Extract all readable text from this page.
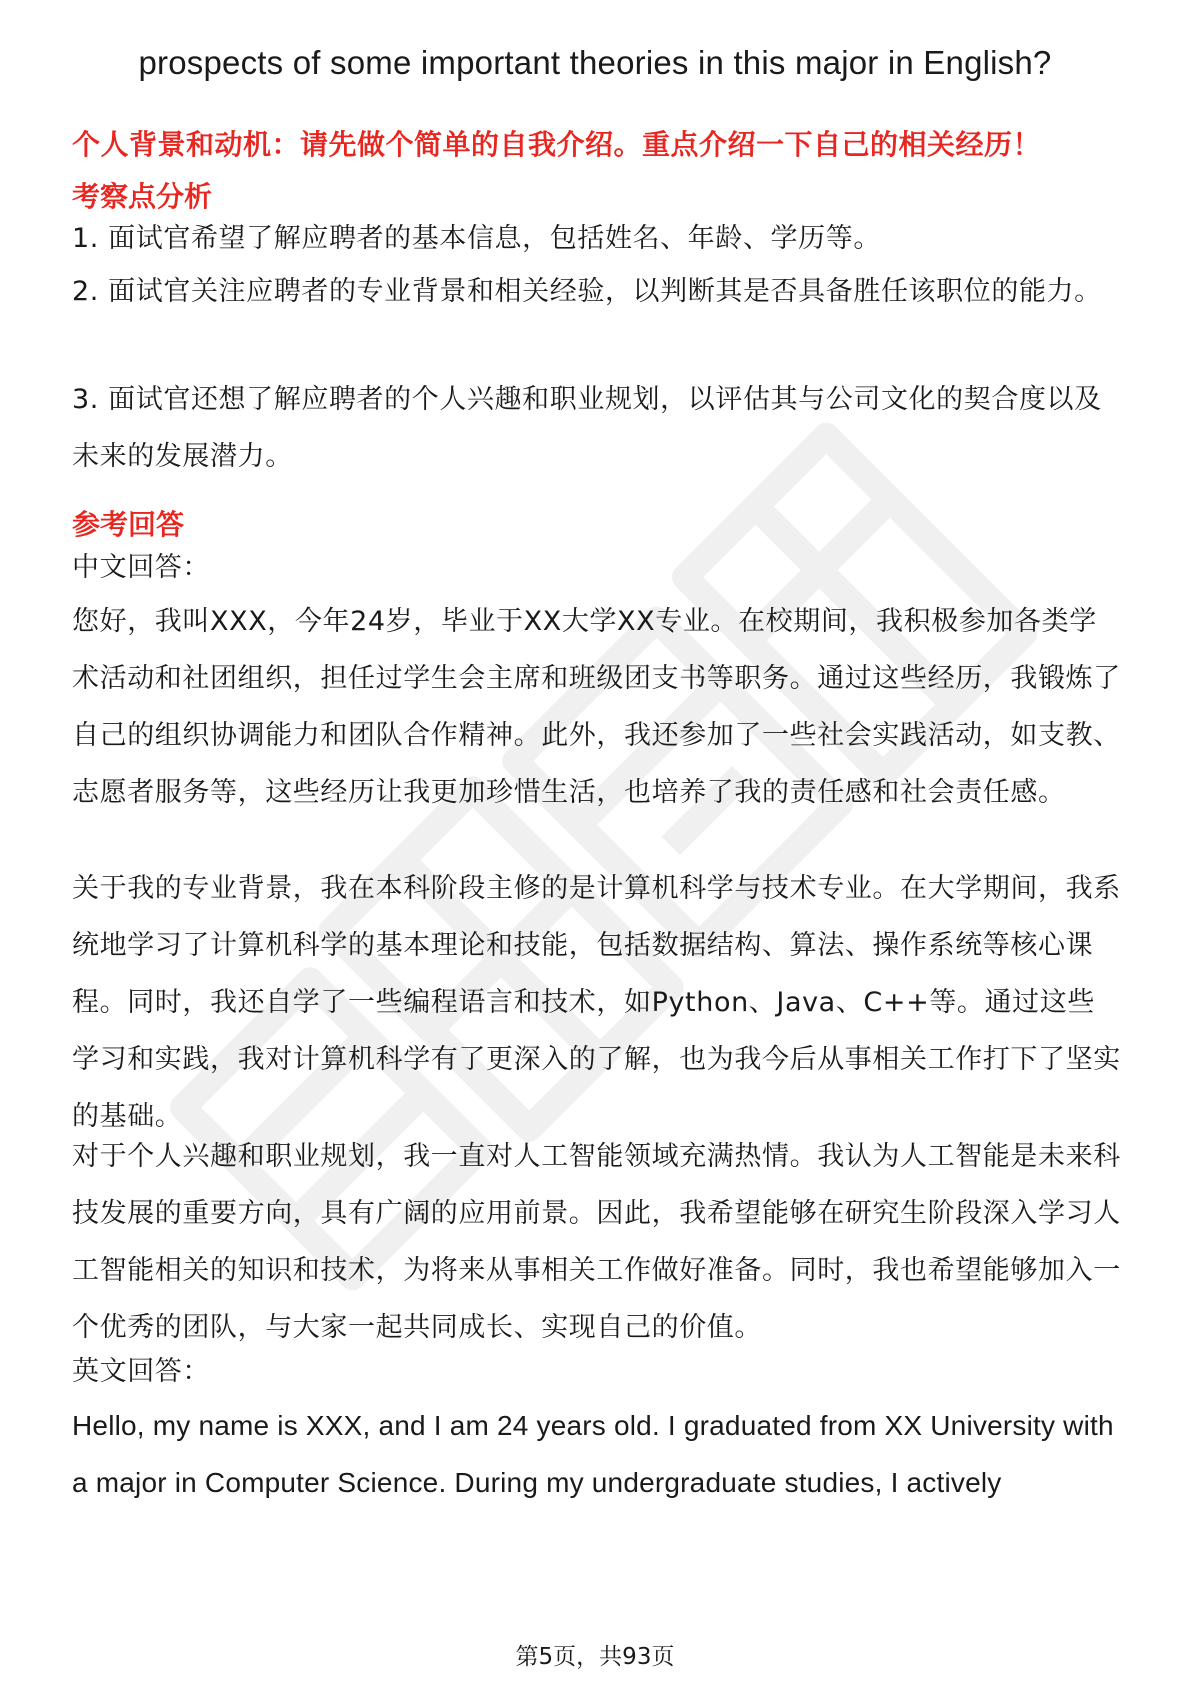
prospects of some important theories in this major in English?
个人背景和动机：请先做个简单的自我介绍。重点介绍一下自己的相关经历！
考察点分析
1. 面试官希望了解应聘者的基本信息，包括姓名、年龄、学历等。
2. 面试官关注应聘者的专业背景和相关经验，以判断其是否具备胜任该职位的能力。
3. 面试官还想了解应聘者的个人兴趣和职业规划，以评估其与公司文化的契合度以及未来的发展潜力。
参考回答
中文回答：
您好，我叫XXX，今年24岁，毕业于XX大学XX专业。在校期间，我积极参加各类学术活动和社团组织，担任过学生会主席和班级团支书等职务。通过这些经历，我锻炼了自己的组织协调能力和团队合作精神。此外，我还参加了一些社会实践活动，如支教、志愿者服务等，这些经历让我更加珍惜生活，也培养了我的责任感和社会责任感。
关于我的专业背景，我在本科阶段主修的是计算机科学与技术专业。在大学期间，我系统地学习了计算机科学的基本理论和技能，包括数据结构、算法、操作系统等核心课程。同时，我还自学了一些编程语言和技术，如Python、Java、C++等。通过这些学习和实践，我对计算机科学有了更深入的了解，也为我今后从事相关工作打下了坚实的基础。
对于个人兴趣和职业规划，我一直对人工智能领域充满热情。我认为人工智能是未来科技发展的重要方向，具有广阔的应用前景。因此，我希望能够在研究生阶段深入学习人工智能相关的知识和技术，为将来从事相关工作做好准备。同时，我也希望能够加入一个优秀的团队，与大家一起共同成长、实现自己的价值。
英文回答：
Hello, my name is XXX, and I am 24 years old. I graduated from XX University with a major in Computer Science. During my undergraduate studies, I actively
第5页，共93页
